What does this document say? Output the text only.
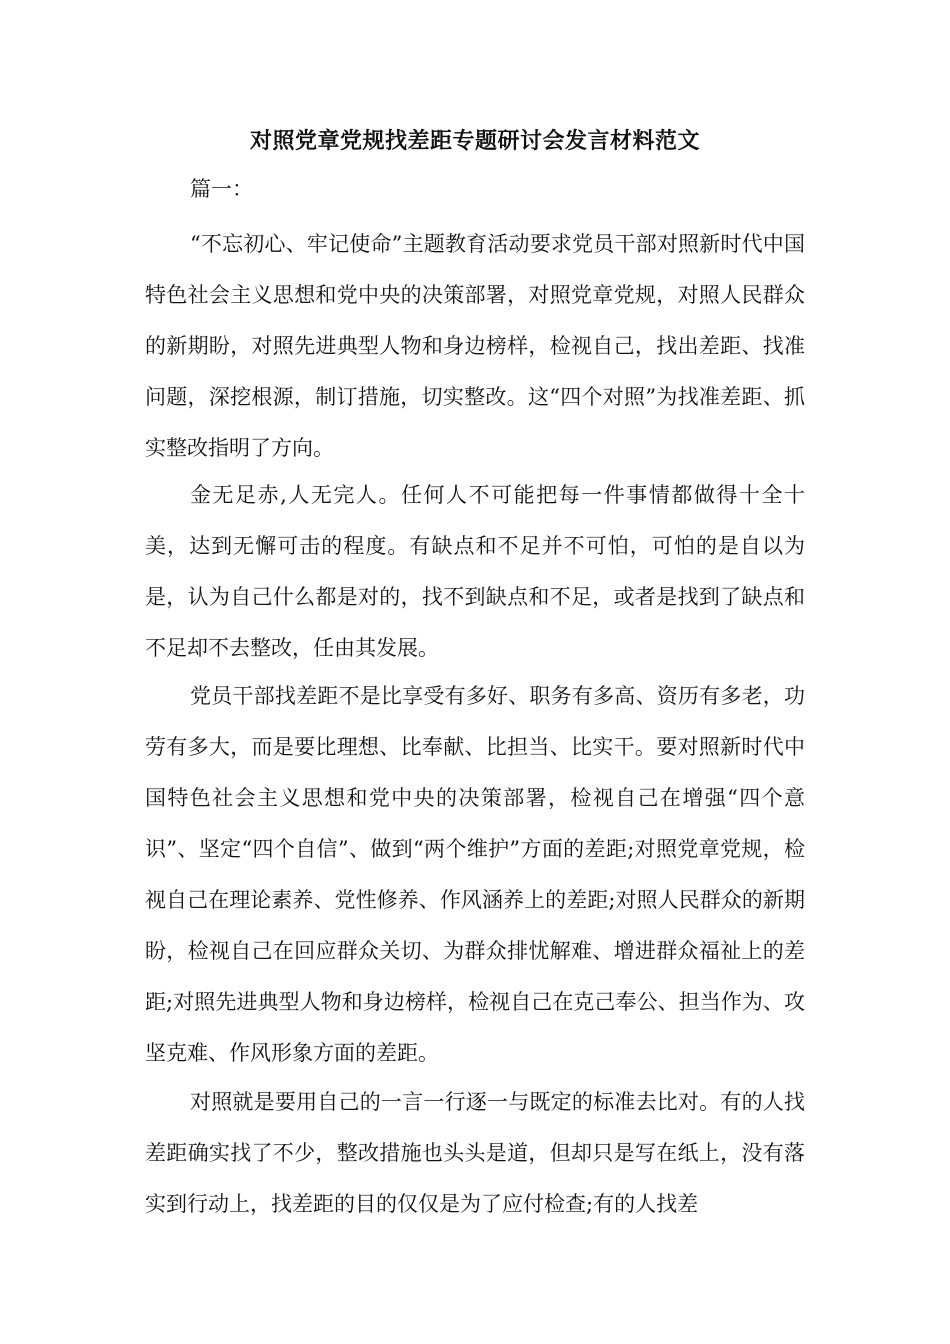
对照党章党规找差距专题研讨会发言材料范文
篇一：

“不忘初心、牢记使命”主题教育活动要求党员干部对照新时代中国特色社会主义思想和党中央的决策部署，对照党章党规，对照人民群众的新期盼，对照先进典型人物和身边榜样，检视自己，找出差距、找准问题，深挖根源，制订措施，切实整改。这“四个对照”为找准差距、抓实整改指明了方向。

金无足赤,人无完人。任何人不可能把每一件事情都做得十全十美，达到无懈可击的程度。有缺点和不足并不可怕，可怕的是自以为是，认为自己什么都是对的，找不到缺点和不足，或者是找到了缺点和不足却不去整改，任由其发展。

党员干部找差距不是比享受有多好、职务有多高、资历有多老，功劳有多大，而是要比理想、比奉献、比担当、比实干。要对照新时代中国特色社会主义思想和党中央的决策部署，检视自己在增强“四个意识”、坚定“四个自信”、做到“两个维护”方面的差距;对照党章党规，检视自己在理论素养、党性修养、作风涵养上的差距;对照人民群众的新期盼，检视自己在回应群众关切、为群众排忧解难、增进群众福祉上的差距;对照先进典型人物和身边榜样，检视自己在克己奉公、担当作为、攻坚克难、作风形象方面的差距。

对照就是要用自己的一言一行逐一与既定的标准去比对。有的人找差距确实找了不少，整改措施也头头是道，但却只是写在纸上，没有落实到行动上，找差距的目的仅仅是为了应付检查;有的人找差
